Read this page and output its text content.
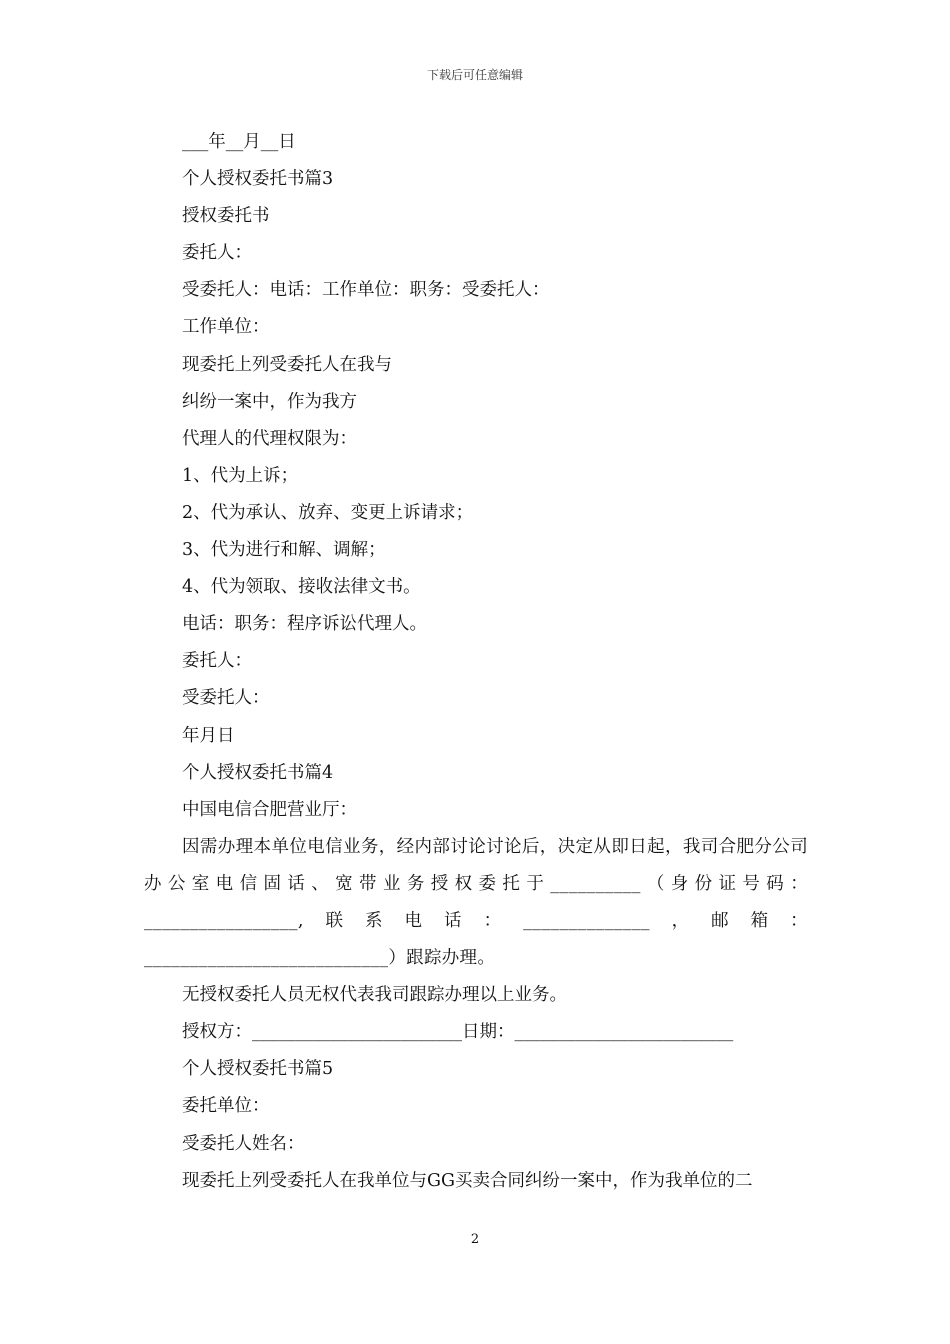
下载后可任意编辑
___年__月__日
个人授权委托书篇3
授权委托书
委托人：
受委托人：电话：工作单位：职务：受委托人：
工作单位：
现委托上列受委托人在我与
纠纷一案中，作为我方
代理人的代理权限为：
1、代为上诉；
2、代为承认、放弃、变更上诉请求；
3、代为进行和解、调解；
4、代为领取、接收法律文书。
电话：职务：程序诉讼代理人。
委托人：
受委托人：
年月日
个人授权委托书篇4
中国电信合肥营业厅：

因需办理本单位电信业务，经内部讨论讨论后，决定从即日起，我司合肥分公司办公室电信固话、宽带业务授权委托于__________（身份证号码：_________________,联系电话：______________，邮箱：___________________________）跟踪办理。

无授权委托人员无权代表我司跟踪办理以上业务。
授权方：________________________日期：_________________________
个人授权委托书篇5
委托单位：
受委托人姓名：
现委托上列受委托人在我单位与GG买卖合同纠纷一案中，作为我单位的二
2
